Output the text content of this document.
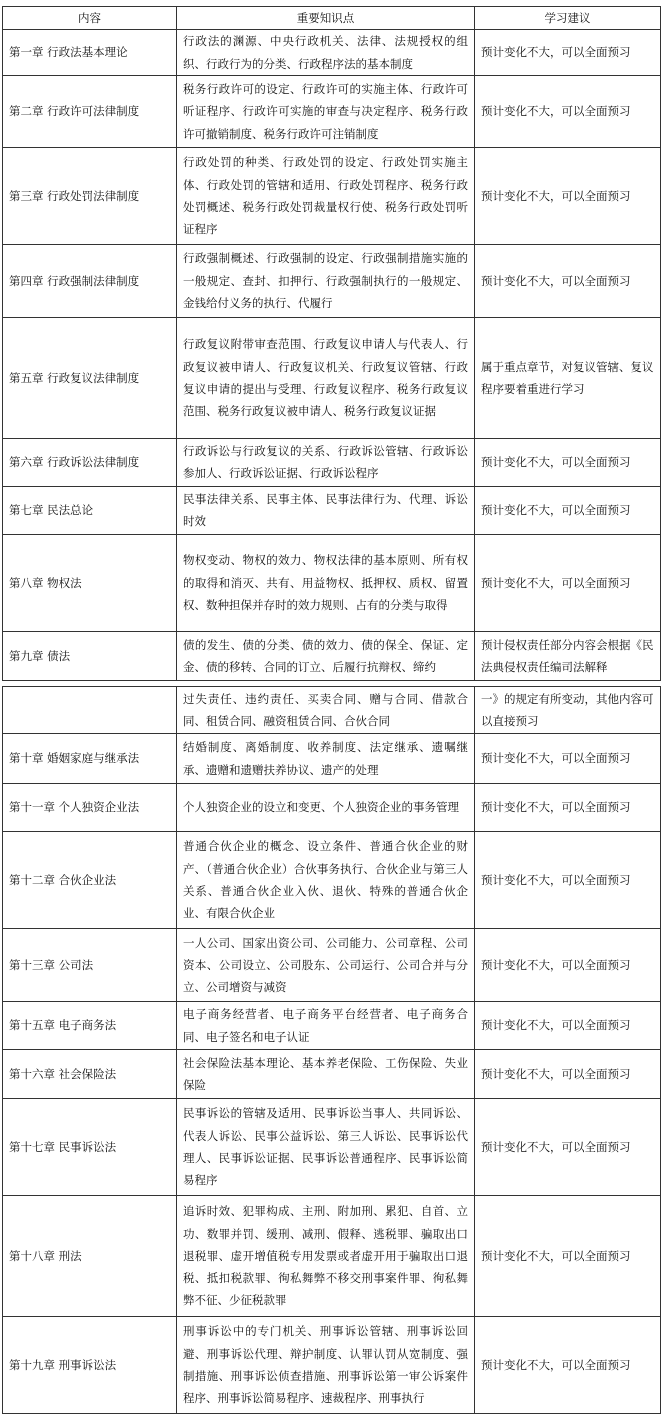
内容	重要知识点	学习建议
第一章 行政法基本理论	行政法的渊源、中央行政机关、法律、法规授权的组织、行政行为的分类、行政程序法的基本制度	预计变化不大，可以全面预习
第二章 行政许可法律制度	税务行政许可的设定、行政许可的实施主体、行政许可听证程序、行政许可实施的审查与决定程序、税务行政许可撤销制度、税务行政许可注销制度	预计变化不大，可以全面预习
第三章 行政处罚法律制度	行政处罚的种类、行政处罚的设定、行政处罚实施主体、行政处罚的管辖和适用、行政处罚程序、税务行政处罚概述、税务行政处罚裁量权行使、税务行政处罚听证程序	预计变化不大，可以全面预习
第四章 行政强制法律制度	行政强制概述、行政强制的设定、行政强制措施实施的一般规定、查封、扣押行、行政强制执行的一般规定、金钱给付义务的执行、代履行	预计变化不大，可以全面预习
第五章 行政复议法律制度	行政复议附带审查范围、行政复议申请人与代表人、行政复议被申请人、行政复议机关、行政复议管辖、行政复议申请的提出与受理、行政复议程序、税务行政复议范围、税务行政复议被申请人、税务行政复议证据	属于重点章节，对复议管辖、复议程序要着重进行学习
第六章 行政诉讼法律制度	行政诉讼与行政复议的关系、行政诉讼管辖、行政诉讼参加人、行政诉讼证据、行政诉讼程序	预计变化不大，可以全面预习
第七章 民法总论	民事法律关系、民事主体、民事法律行为、代理、诉讼时效	预计变化不大，可以全面预习
第八章 物权法	物权变动、物权的效力、物权法律的基本原则、所有权的取得和消灭、共有、用益物权、抵押权、质权、留置权、数种担保并存时的效力规则、占有的分类与取得	预计变化不大，可以全面预习
第九章 债法	债的发生、债的分类、债的效力、债的保全、保证、定金、债的移转、合同的订立、后履行抗辩权、缔约	预计侵权责任部分内容会根据《民法典侵权责任编司法解释
	过失责任、违约责任、买卖合同、赠与合同、借款合同、租赁合同、融资租赁合同、合伙合同	一》的规定有所变动，其他内容可以直接预习
第十章 婚姻家庭与继承法	结婚制度、离婚制度、收养制度、法定继承、遗嘱继承、遗赠和遗赠扶养协议、遗产的处理	预计变化不大，可以全面预习
第十一章 个人独资企业法	个人独资企业的设立和变更、个人独资企业的事务管理	预计变化不大，可以全面预习
第十二章 合伙企业法	普通合伙企业的概念、设立条件、普通合伙企业的财产、（普通合伙企业）合伙事务执行、合伙企业与第三人关系、普通合伙企业入伙、退伙、特殊的普通合伙企业、有限合伙企业	预计变化不大，可以全面预习
第十三章 公司法	一人公司、国家出资公司、公司能力、公司章程、公司资本、公司设立、公司股东、公司运行、公司合并与分立、公司增资与减资	预计变化不大，可以全面预习
第十五章 电子商务法	电子商务经营者、电子商务平台经营者、电子商务合同、电子签名和电子认证	预计变化不大，可以全面预习
第十六章 社会保险法	社会保险法基本理论、基本养老保险、工伤保险、失业保险	预计变化不大，可以全面预习
第十七章 民事诉讼法	民事诉讼的管辖及适用、民事诉讼当事人、共同诉讼、代表人诉讼、民事公益诉讼、第三人诉讼、民事诉讼代理人、民事诉讼证据、民事诉讼普通程序、民事诉讼简易程序	预计变化不大，可以全面预习
第十八章 刑法	追诉时效、犯罪构成、主刑、附加刑、累犯、自首、立功、数罪并罚、缓刑、减刑、假释、逃税罪、骗取出口退税罪、虚开增值税专用发票或者虚开用于骗取出口退税、抵扣税款罪、徇私舞弊不移交刑事案件罪、徇私舞弊不征、少征税款罪	预计变化不大，可以全面预习
第十九章 刑事诉讼法	刑事诉讼中的专门机关、刑事诉讼管辖、刑事诉讼回避、刑事诉讼代理、辩护制度、认罪认罚从宽制度、强制措施、刑事诉讼侦查措施、刑事诉讼第一审公诉案件程序、刑事诉讼简易程序、速裁程序、刑事执行	预计变化不大，可以全面预习
​
